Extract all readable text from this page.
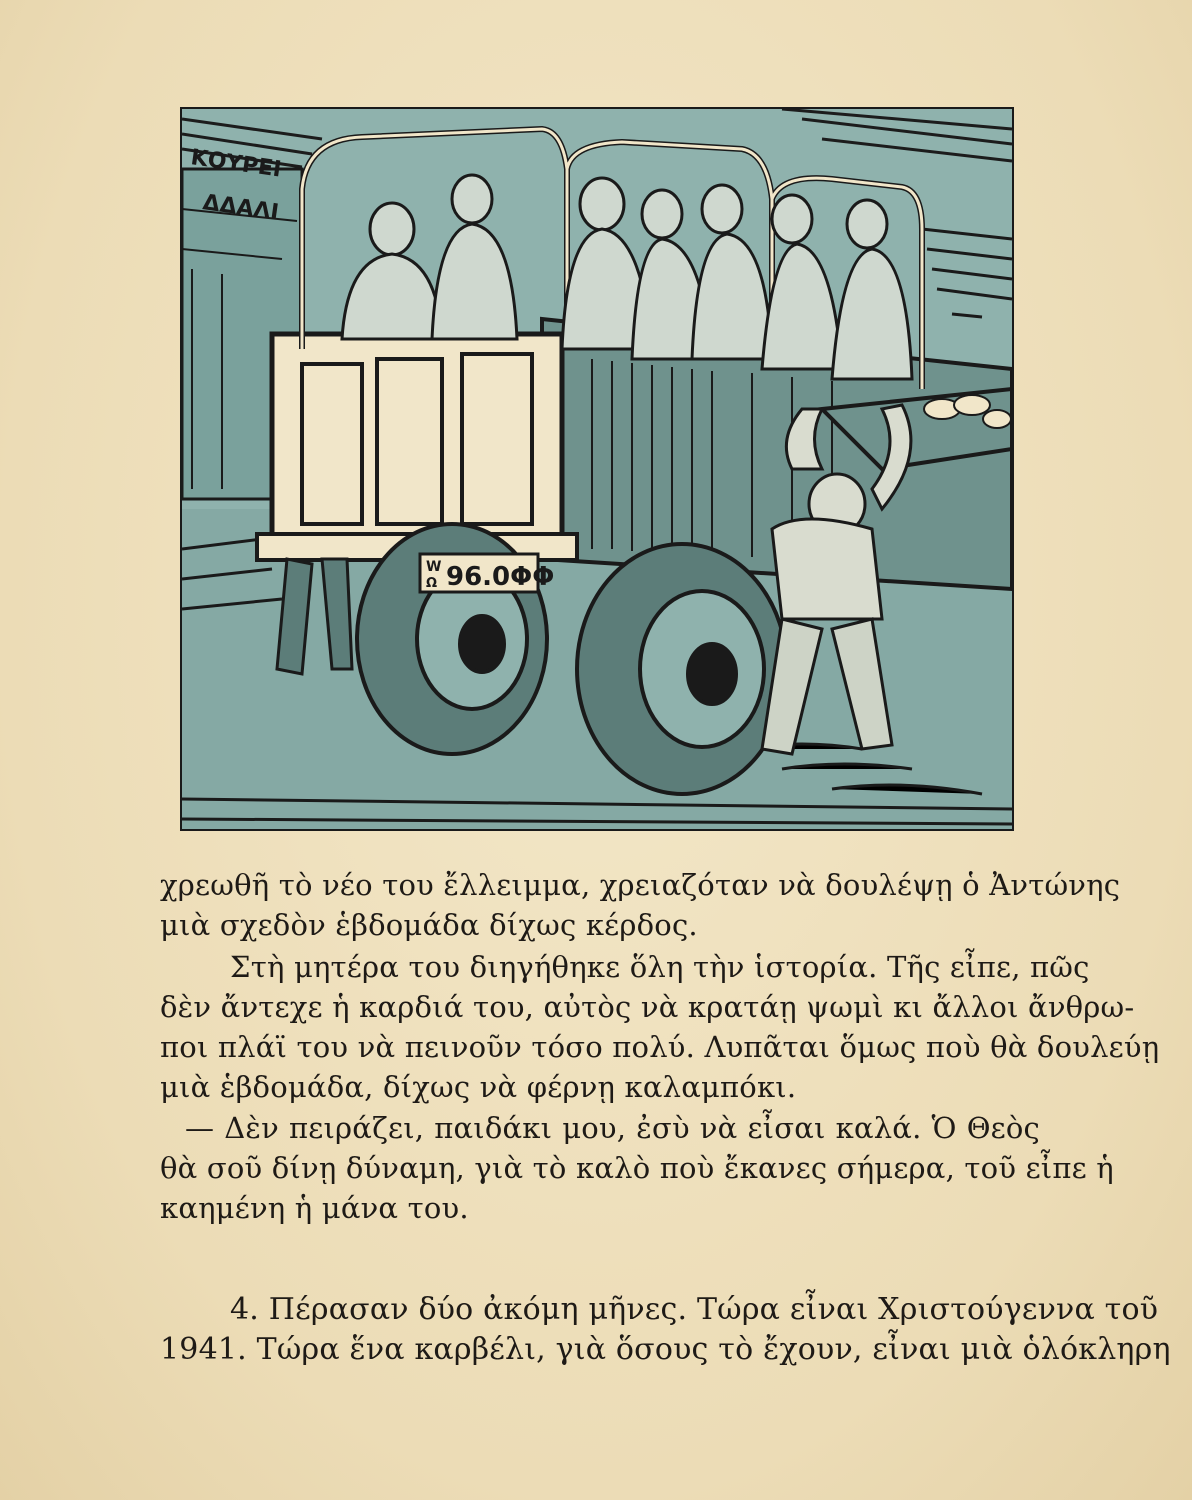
ΚΟΥΡΕΙ
ΔΔΑΛΙ
W
Ω 96.0ΦΦ
χρεωθῆ τὸ νέο του ἔλλειμμα, χρειαζόταν νὰ δουλέψῃ ὁ Ἀντώνης
μιὰ σχεδὸν ἑβδομάδα δίχως κέρδος.
Στὴ μητέρα του διηγήθηκε ὅλη τὴν ἱστορία. Τῆς εἶπε, πῶς
δὲν ἄντεχε ἡ καρδιά του, αὐτὸς νὰ κρατάῃ ψωμὶ κι ἄλλοι ἄνθρω-
ποι πλάϊ του νὰ πεινοῦν τόσο πολύ. Λυπᾶται ὅμως ποὺ θὰ δουλεύῃ
μιὰ ἑβδομάδα, δίχως νὰ φέρνῃ καλαμπόκι.
— Δὲν πειράζει, παιδάκι μου, ἐσὺ νὰ εἶσαι καλά. Ὁ Θεὸς
θὰ σοῦ δίνῃ δύναμη, γιὰ τὸ καλὸ ποὺ ἔκανες σήμερα, τοῦ εἶπε ἡ
καημένη ἡ μάνα του.
4. Πέρασαν δύο ἀκόμη μῆνες. Τώρα εἶναι Χριστούγεννα τοῦ
1941. Τώρα ἕνα καρβέλι, γιὰ ὅσους τὸ ἔχουν, εἶναι μιὰ ὁλόκληρη
